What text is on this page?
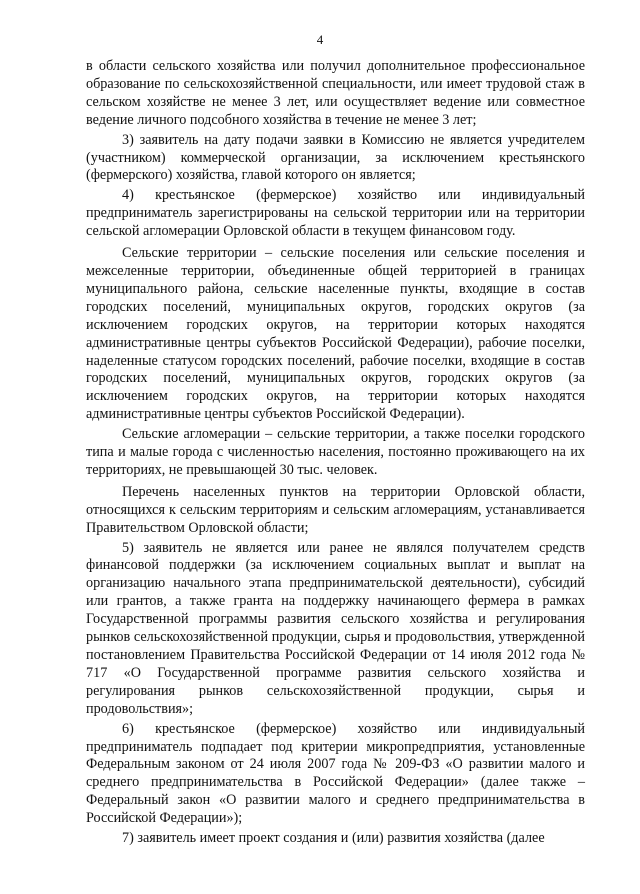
4

в области сельского хозяйства или получил дополнительное профессиональное образование по сельскохозяйственной специальности, или имеет трудовой стаж в сельском хозяйстве не менее 3 лет, или осуществляет ведение или совместное ведение личного подсобного хозяйства в течение не менее 3 лет;

3) заявитель на дату подачи заявки в Комиссию не является учредителем (участником) коммерческой организации, за исключением крестьянского (фермерского) хозяйства, главой которого он является;

4) крестьянское (фермерское) хозяйство или индивидуальный предприниматель зарегистрированы на сельской территории или на территории сельской агломерации Орловской области в текущем финансовом году.

Сельские территории – сельские поселения или сельские поселения и межселенные территории, объединенные общей территорией в границах муниципального района, сельские населенные пункты, входящие в состав городских поселений, муниципальных округов, городских округов (за исключением городских округов, на территории которых находятся административные центры субъектов Российской Федерации), рабочие поселки, наделенные статусом городских поселений, рабочие поселки, входящие в состав городских поселений, муниципальных округов, городских округов (за исключением городских округов, на территории которых находятся административные центры субъектов Российской Федерации).

Сельские агломерации – сельские территории, а также поселки городского типа и малые города с численностью населения, постоянно проживающего на их территориях, не превышающей 30 тыс. человек.

Перечень населенных пунктов на территории Орловской области, относящихся к сельским территориям и сельским агломерациям, устанавливается Правительством Орловской области;

5) заявитель не является или ранее не являлся получателем средств финансовой поддержки (за исключением социальных выплат и выплат на организацию начального этапа предпринимательской деятельности), субсидий или грантов, а также гранта на поддержку начинающего фермера в рамках Государственной программы развития сельского хозяйства и регулирования рынков сельскохозяйственной продукции, сырья и продовольствия, утвержденной постановлением Правительства Российской Федерации от 14 июля 2012 года № 717 «О Государственной программе развития сельского хозяйства и регулирования рынков сельскохозяйственной продукции, сырья и продовольствия»;

6) крестьянское (фермерское) хозяйство или индивидуальный предприниматель подпадает под критерии микропредприятия, установленные Федеральным законом от 24 июля 2007 года № 209-ФЗ «О развитии малого и среднего предпринимательства в Российской Федерации» (далее также – Федеральный закон «О развитии малого и среднего предпринимательства в Российской Федерации»);

7) заявитель имеет проект создания и (или) развития хозяйства (далее
